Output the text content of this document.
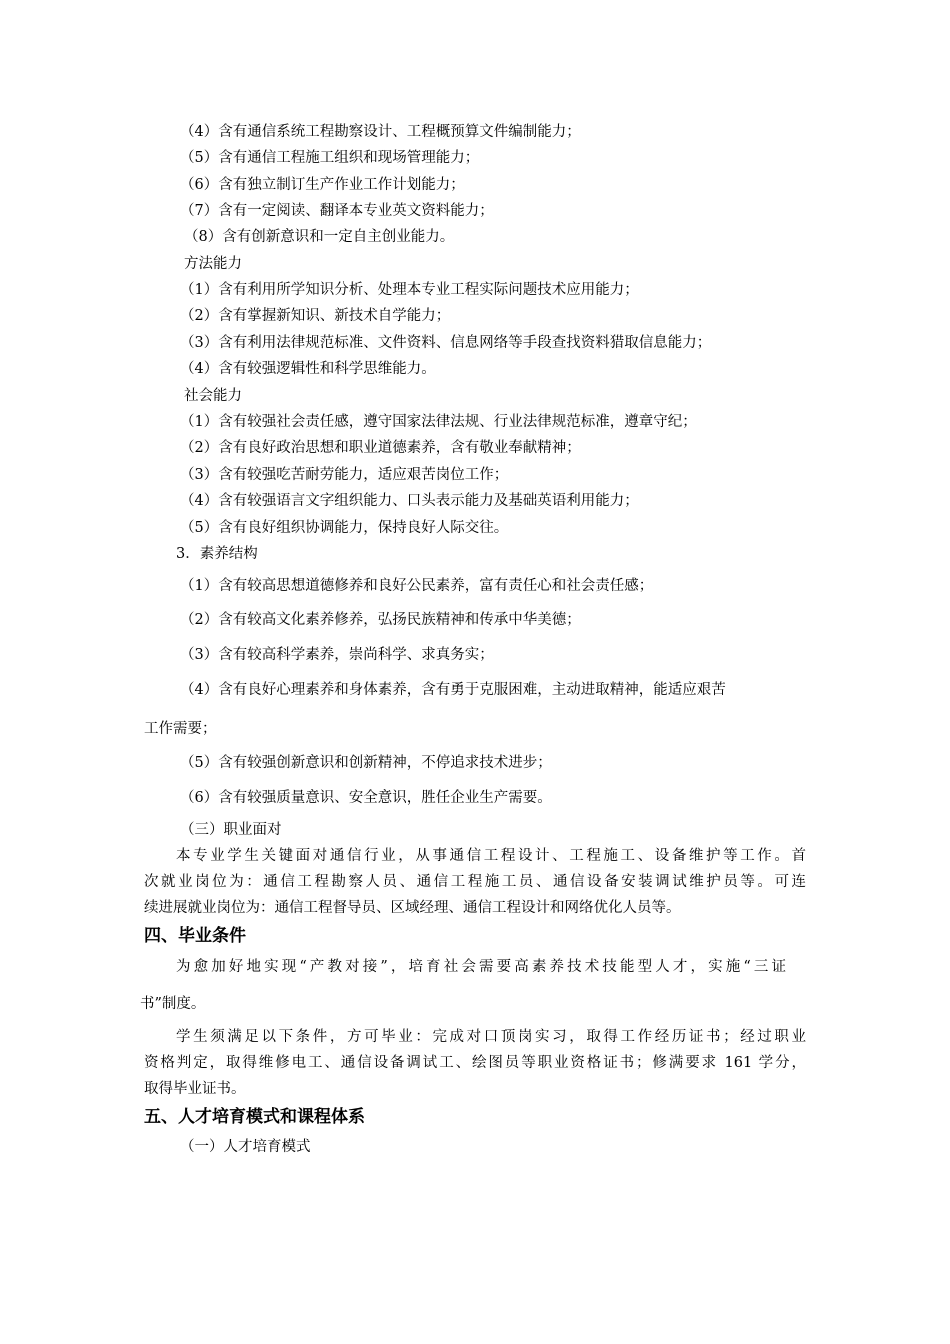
（4）含有通信系统工程勘察设计、工程概预算文件编制能力；
（5）含有通信工程施工组织和现场管理能力；
（6）含有独立制订生产作业工作计划能力；
（7）含有一定阅读、翻译本专业英文资料能力；
（8）含有创新意识和一定自主创业能力。
方法能力
（1）含有利用所学知识分析、处理本专业工程实际问题技术应用能力；
（2）含有掌握新知识、新技术自学能力；
（3）含有利用法律规范标准、文件资料、信息网络等手段查找资料猎取信息能力；
（4）含有较强逻辑性和科学思维能力。
社会能力
（1）含有较强社会责任感，遵守国家法律法规、行业法律规范标准，遵章守纪；
（2）含有良好政治思想和职业道德素养，含有敬业奉献精神；
（3）含有较强吃苦耐劳能力，适应艰苦岗位工作；
（4）含有较强语言文字组织能力、口头表示能力及基础英语利用能力；
（5）含有良好组织协调能力，保持良好人际交往。
3．素养结构
（1）含有较高思想道德修养和良好公民素养，富有责任心和社会责任感；
（2）含有较高文化素养修养，弘扬民族精神和传承中华美德；
（3）含有较高科学素养，崇尚科学、求真务实；
（4）含有良好心理素养和身体素养，含有勇于克服困难，主动进取精神，能适应艰苦
工作需要；
（5）含有较强创新意识和创新精神，不停追求技术进步；
（6）含有较强质量意识、安全意识，胜任企业生产需要。
（三）职业面对
本专业学生关键面对通信行业，从事通信工程设计、工程施工、设备维护等工作。首
次就业岗位为：通信工程勘察人员、通信工程施工员、通信设备安装调试维护员等。可连
续进展就业岗位为：通信工程督导员、区域经理、通信工程设计和网络优化人员等。
四、毕业条件
为愈加好地实现“产教对接”，培育社会需要高素养技术技能型人才，实施“三证
书”制度。
学生须满足以下条件，方可毕业：完成对口顶岗实习，取得工作经历证书；经过职业
资格判定，取得维修电工、通信设备调试工、绘图员等职业资格证书；修满要求 161 学分，
取得毕业证书。
五、人才培育模式和课程体系
（一）人才培育模式
